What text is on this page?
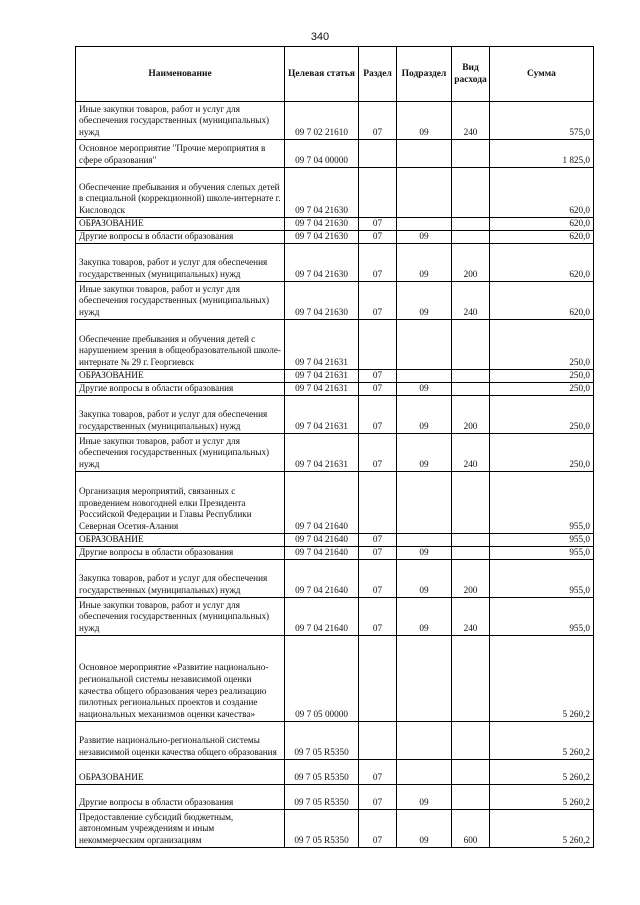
340
Наименование	Целевая статья	Раздел	Подраздел	Вид расхода	Сумма
Иные закупки товаров, работ и услуг для обеспечения государственных (муниципальных) нужд	09 7 02 21610	07	09	240	575,0
Основное мероприятие "Прочие мероприятия в сфере образования"	09 7 04 00000				1 825,0
Обеспечение пребывания и обучения слепых детей в специальной (коррекционной) школе-интернате г. Кисловодск	09 7 04 21630				620,0
ОБРАЗОВАНИЕ	09 7 04 21630	07			620,0
Другие вопросы в области образования	09 7 04 21630	07	09		620,0
Закупка товаров, работ и услуг для обеспечения государственных (муниципальных) нужд	09 7 04 21630	07	09	200	620,0
Иные закупки товаров, работ и услуг для обеспечения государственных (муниципальных) нужд	09 7 04 21630	07	09	240	620,0
Обеспечение пребывания и обучения детей с нарушением зрения в общеобразовательной школе-интернате № 29 г. Георгиевск	09 7 04 21631				250,0
ОБРАЗОВАНИЕ	09 7 04 21631	07			250,0
Другие вопросы в области образования	09 7 04 21631	07	09		250,0
Закупка товаров, работ и услуг для обеспечения государственных (муниципальных) нужд	09 7 04 21631	07	09	200	250,0
Иные закупки товаров, работ и услуг для обеспечения государственных (муниципальных) нужд	09 7 04 21631	07	09	240	250,0
Организация мероприятий, связанных с проведением новогодней елки Президента Российской Федерации и Главы Республики Северная Осетия-Алания	09 7 04 21640				955,0
ОБРАЗОВАНИЕ	09 7 04 21640	07			955,0
Другие вопросы в области образования	09 7 04 21640	07	09		955,0
Закупка товаров, работ и услуг для обеспечения государственных (муниципальных) нужд	09 7 04 21640	07	09	200	955,0
Иные закупки товаров, работ и услуг для обеспечения государственных (муниципальных) нужд	09 7 04 21640	07	09	240	955,0
Основное мероприятие «Развитие национально-региональной системы независимой оценки качества общего образования через реализацию пилотных региональных проектов и создание национальных механизмов оценки качества»	09 7 05 00000				5 260,2
Развитие национально-региональной системы независимой оценки качества общего образования	09 7 05 R5350				5 260,2
ОБРАЗОВАНИЕ	09 7 05 R5350	07			5 260,2
Другие вопросы в области образования	09 7 05 R5350	07	09		5 260,2
Предоставление субсидий бюджетным, автономным учреждениям и иным некоммерческим организациям	09 7 05 R5350	07	09	600	5 260,2
